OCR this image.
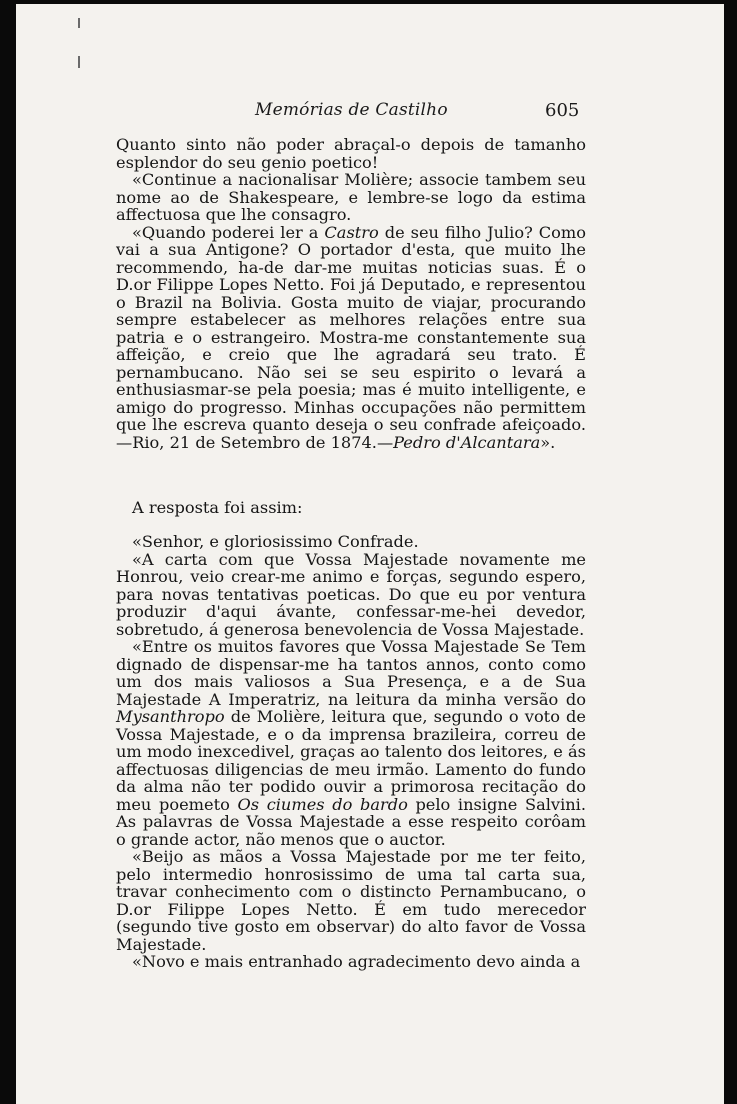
Memórias de Castilho	605

Quanto sinto não poder abraçal-o depois de tamanho esplendor do seu genio poetico!

«Continue a nacionalisar Molière; associe tambem seu nome ao de Shakespeare, e lembre-se logo da estima affectuosa que lhe consagro.

«Quando poderei ler a Castro de seu filho Julio? Como vai a sua Antigone? O portador d'esta, que muito lhe recommendo, ha-de dar-me muitas noticias suas. É o D.or Filippe Lopes Netto. Foi já Deputado, e representou o Brazil na Bolivia. Gosta muito de viajar, procurando sempre estabelecer as melhores relações entre sua patria e o estrangeiro. Mostra-me constantemente sua affeição, e creio que lhe agradará seu trato. É pernambucano. Não sei se seu espirito o levará a enthusiasmar-se pela poesia; mas é muito intelligente, e amigo do progresso. Minhas occupações não permittem que lhe escreva quanto deseja o seu confrade afeiçoado.—Rio, 21 de Setembro de 1874.—Pedro d'Alcantara».

A resposta foi assim:

«Senhor, e gloriosissimo Confrade.

«A carta com que Vossa Majestade novamente me Honrou, veio crear-me animo e forças, segundo espero, para novas tentativas poeticas. Do que eu por ventura produzir d'aqui ávante, confessar-me-hei devedor, sobretudo, á generosa benevolencia de Vossa Majestade.

«Entre os muitos favores que Vossa Majestade Se Tem dignado de dispensar-me ha tantos annos, conto como um dos mais valiosos a Sua Presença, e a de Sua Majestade A Imperatriz, na leitura da minha versão do Mysanthropo de Molière, leitura que, segundo o voto de Vossa Majestade, e o da imprensa brazileira, correu de um modo inexcedivel, graças ao talento dos leitores, e ás affectuosas diligencias de meu irmão. Lamento do fundo da alma não ter podido ouvir a primorosa recitação do meu poemeto Os ciumes do bardo pelo insigne Salvini. As palavras de Vossa Majestade a esse respeito corôam o grande actor, não menos que o auctor.

«Beijo as mãos a Vossa Majestade por me ter feito, pelo intermedio honrosissimo de uma tal carta sua, travar conhecimento com o distincto Pernambucano, o D.or Filippe Lopes Netto. É em tudo merecedor (segundo tive gosto em observar) do alto favor de Vossa Majestade.

«Novo e mais entranhado agradecimento devo ainda a
